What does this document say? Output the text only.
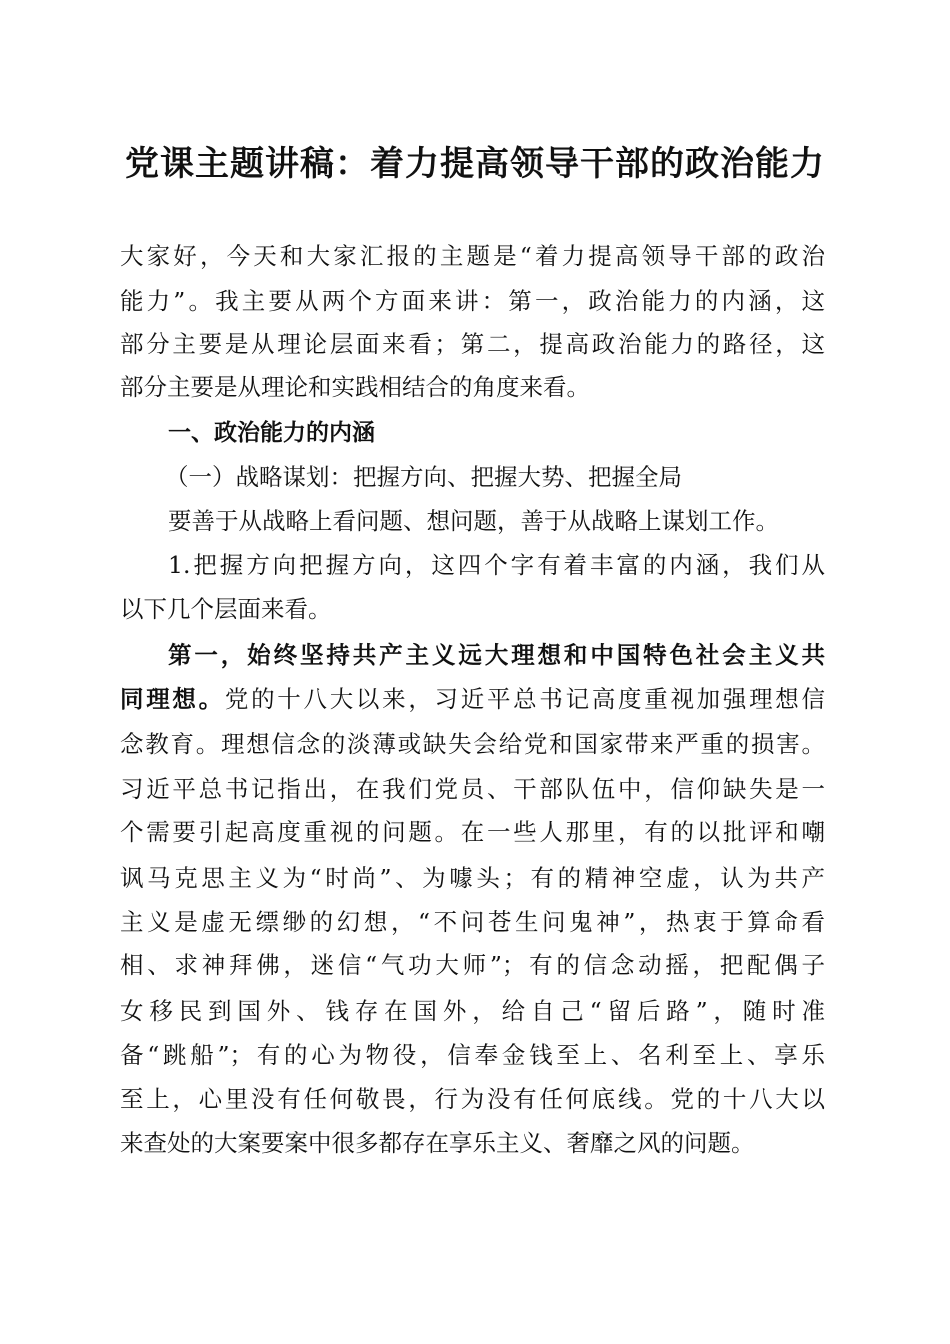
党课主题讲稿：着力提高领导干部的政治能力
大家好，今天和大家汇报的主题是“着力提高领导干部的政治
能力”。我主要从两个方面来讲：第一，政治能力的内涵，这
部分主要是从理论层面来看；第二，提高政治能力的路径，这
部分主要是从理论和实践相结合的角度来看。
一、政治能力的内涵
（一）战略谋划：把握方向、把握大势、把握全局
要善于从战略上看问题、想问题，善于从战略上谋划工作。
1.把握方向把握方向，这四个字有着丰富的内涵，我们从
以下几个层面来看。
第一，始终坚持共产主义远大理想和中国特色社会主义共
同理想。党的十八大以来，习近平总书记高度重视加强理想信
念教育。理想信念的淡薄或缺失会给党和国家带来严重的损害。
习近平总书记指出，在我们党员、干部队伍中，信仰缺失是一
个需要引起高度重视的问题。在一些人那里，有的以批评和嘲
讽马克思主义为“时尚”、为噱头；有的精神空虚，认为共产
主义是虚无缥缈的幻想，“不问苍生问鬼神”，热衷于算命看
相、求神拜佛，迷信“气功大师”；有的信念动摇，把配偶子
女移民到国外、钱存在国外，给自己“留后路”，随时准
备“跳船”；有的心为物役，信奉金钱至上、名利至上、享乐
至上，心里没有任何敬畏，行为没有任何底线。党的十八大以
来查处的大案要案中很多都存在享乐主义、奢靡之风的问题。
